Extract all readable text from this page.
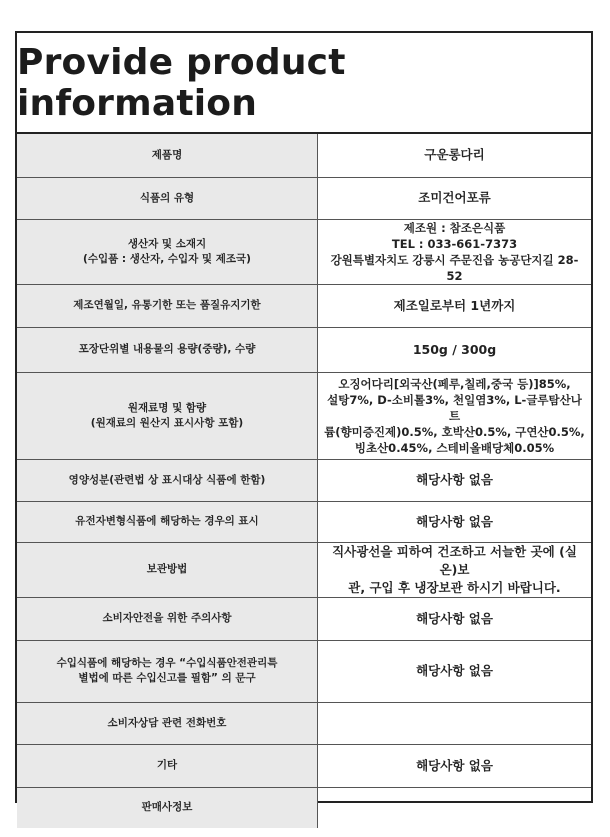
Provide product information
제품명	구운롱다리

식품의 유형	조미건어포류

생산자 및 소재지
(수입품 : 생산자, 수입자 및 제조국)	제조원 : 참조은식품
TEL : 033-661-7373
강원특별자치도 강릉시 주문진읍 농공단지길 28-52

제조연월일, 유통기한 또는 품질유지기한	제조일로부터 1년까지

포장단위별 내용물의 용량(중량), 수량	150g / 300g

원재료명 및 함량
(원재료의 원산지 표시사항 포함)	오징어다리[외국산(페루,칠레,중국 등)]85%,
설탕7%, D-소비톨3%, 천일염3%, L-글루탐산나트
륨(향미증진제)0.5%, 호박산0.5%, 구연산0.5%,
빙초산0.45%, 스테비올배당체0.05%

영양성분(관련법 상 표시대상 식품에 한함)	해당사항 없음

유전자변형식품에 해당하는 경우의 표시	해당사항 없음

보관방법	직사광선을 피하여 건조하고 서늘한 곳에 (실온)보
관, 구입 후 냉장보관 하시기 바랍니다.

소비자안전을 위한 주의사항	해당사항 없음

수입식품에 해당하는 경우 “수입식품안전관리특
별법에 따른 수입신고를 필함” 의 문구	해당사항 없음

소비자상담 관련 전화번호	

기타	해당사항 없음

판매사정보	
